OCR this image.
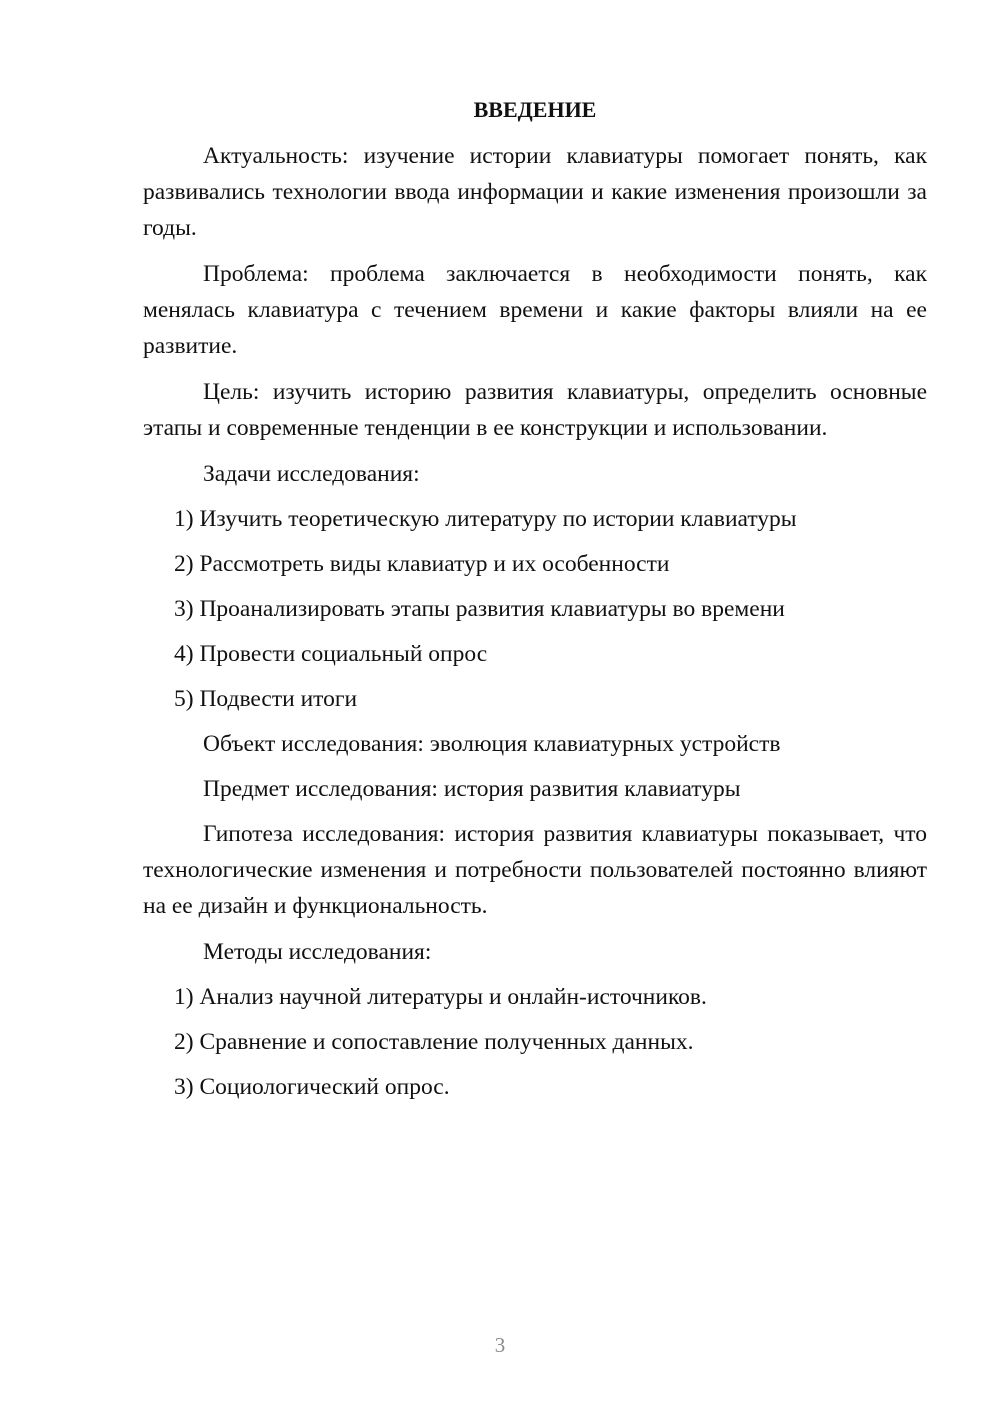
ВВЕДЕНИЕ

Актуальность: изучение истории клавиатуры помогает понять, как развивались технологии ввода информации и какие изменения произошли за годы.

Проблема: проблема заключается в необходимости понять, как менялась клавиатура с течением времени и какие факторы влияли на ее развитие.

Цель: изучить историю развития клавиатуры, определить основные этапы и современные тенденции в ее конструкции и использовании.

Задачи исследования:
1) Изучить теоретическую литературу по истории клавиатуры
2) Рассмотреть виды клавиатур и их особенности
3) Проанализировать этапы развития клавиатуры во времени
4) Провести социальный опрос
5) Подвести итоги
Объект исследования: эволюция клавиатурных устройств
Предмет исследования: история развития клавиатуры

Гипотеза исследования: история развития клавиатуры показывает, что технологические изменения и потребности пользователей постоянно влияют на ее дизайн и функциональность.

Методы исследования:
1) Анализ научной литературы и онлайн-источников.
2) Сравнение и сопоставление полученных данных.
3) Социологический опрос.
3
